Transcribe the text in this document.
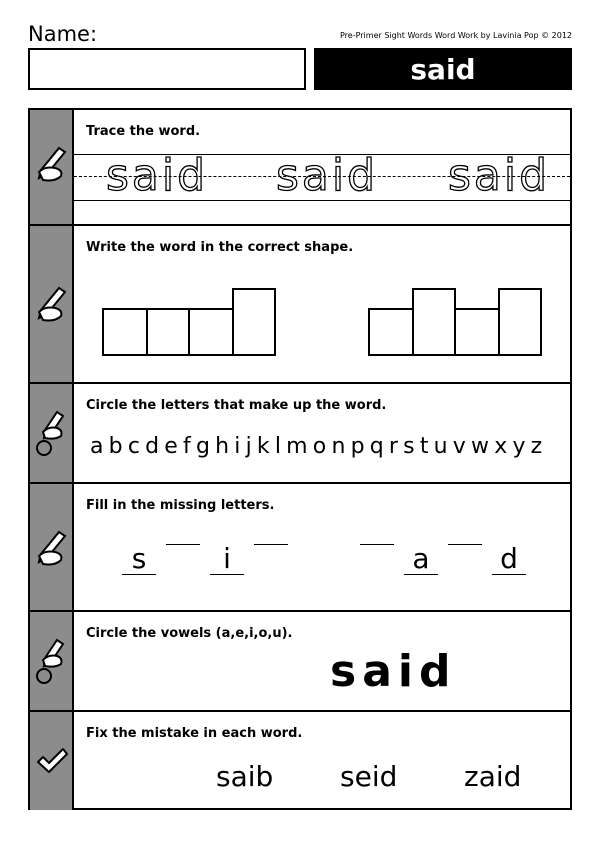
Name:	Pre-Primer Sight Words Word Work by Lavinia Pop © 2012
said
Trace the word.
said said said
Write the word in the correct shape.
Circle the letters that make up the word.
abcdefghijklmonpqrstuvwxyz
Fill in the missing letters.
s	i	a	d
Circle the vowels (a,e,i,o,u).
said
Fix the mistake in each word.
saib seid zaid
